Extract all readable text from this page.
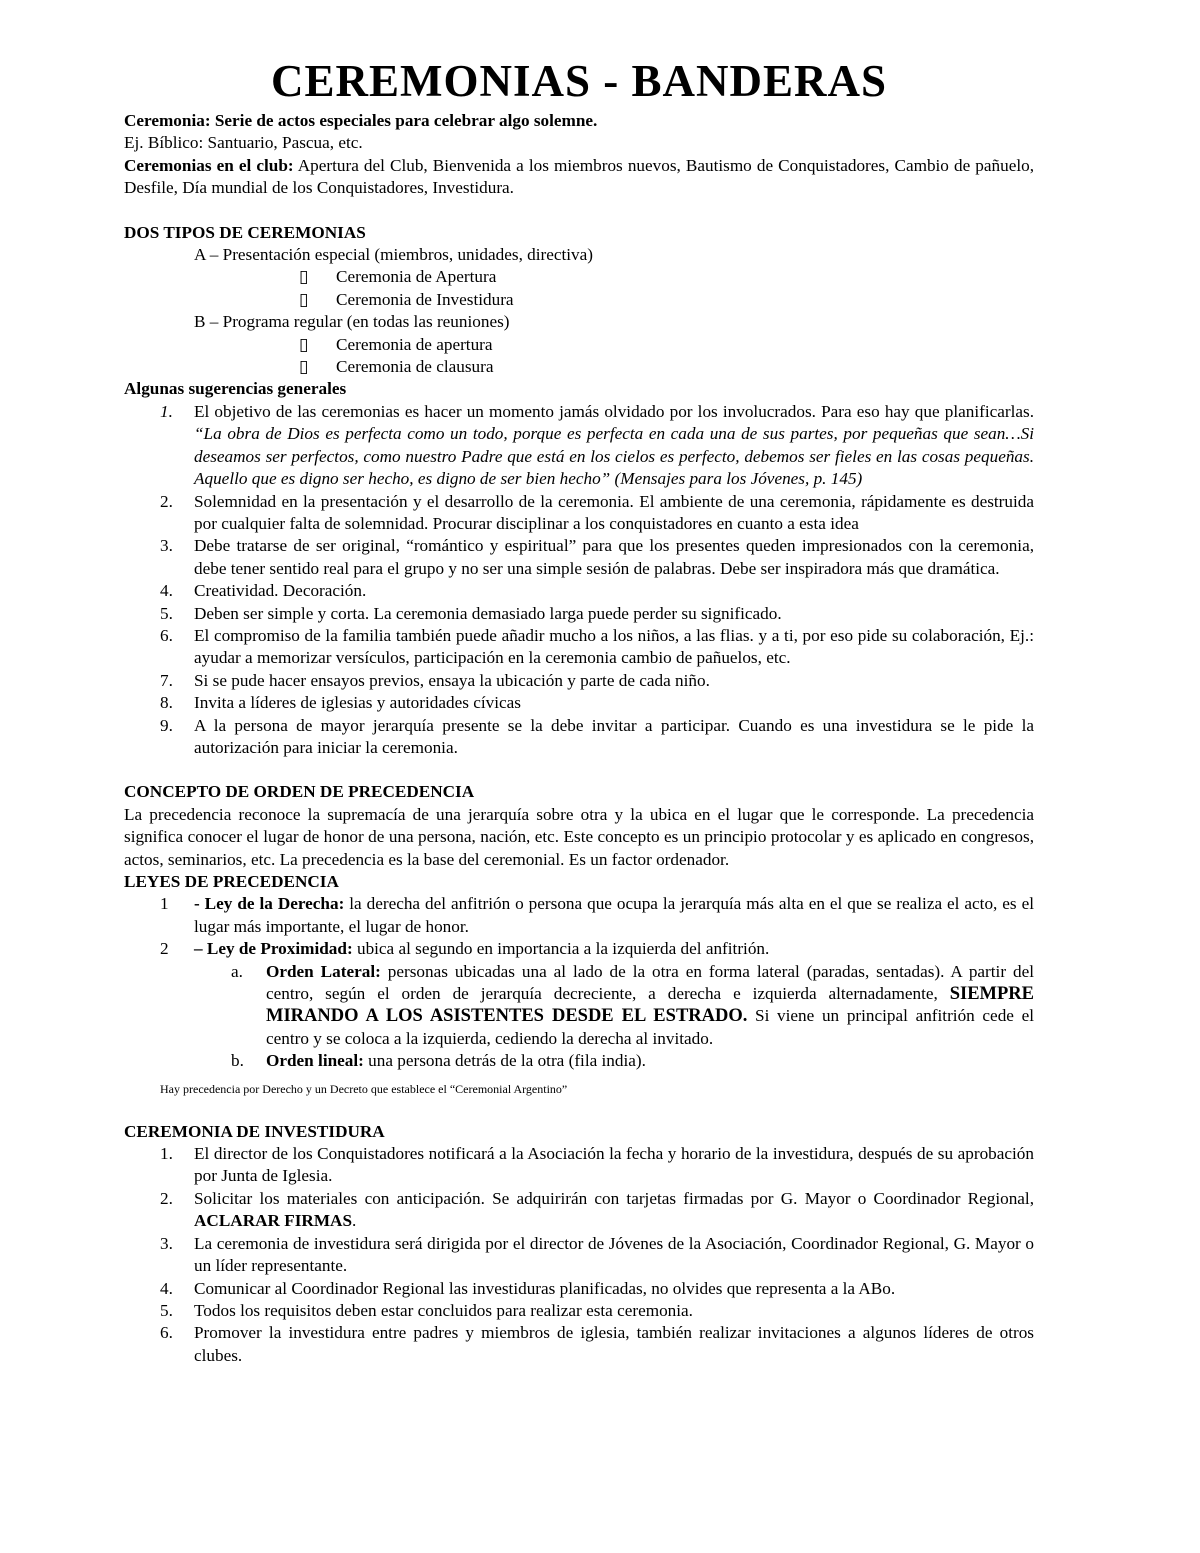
CEREMONIAS - BANDERAS

Ceremonia: Serie de actos especiales para celebrar algo solemne.

Ej. Bíblico: Santuario, Pascua, etc.

Ceremonias en el club: Apertura del Club, Bienvenida a los miembros nuevos, Bautismo de Conquistadores, Cambio de pañuelo, Desfile, Día mundial de los Conquistadores, Investidura.

DOS TIPOS DE CEREMONIAS

A – Presentación especial (miembros, unidades, directiva)

▯ Ceremonia de Apertura

▯ Ceremonia de Investidura

B – Programa regular (en todas las reuniones)

▯ Ceremonia de apertura

▯ Ceremonia de clausura

Algunas sugerencias generales

1. El objetivo de las ceremonias es hacer un momento jamás olvidado por los involucrados. Para eso hay que planificarlas. “La obra de Dios es perfecta como un todo, porque es perfecta en cada una de sus partes, por pequeñas que sean…Si deseamos ser perfectos, como nuestro Padre que está en los cielos es perfecto, debemos ser fieles en las cosas pequeñas. Aquello que es digno ser hecho, es digno de ser bien hecho” (Mensajes para los Jóvenes, p. 145)
2. Solemnidad en la presentación y el desarrollo de la ceremonia. El ambiente de una ceremonia, rápidamente es destruida por cualquier falta de solemnidad. Procurar disciplinar a los conquistadores en cuanto a esta idea
3. Debe tratarse de ser original, “romántico y espiritual” para que los presentes queden impresionados con la ceremonia, debe tener sentido real para el grupo y no ser una simple sesión de palabras. Debe ser inspiradora más que dramática.
4. Creatividad. Decoración.
5. Deben ser simple y corta. La ceremonia demasiado larga puede perder su significado.
6. El compromiso de la familia también puede añadir mucho a los niños, a las flias. y a ti, por eso pide su colaboración, Ej.: ayudar a memorizar versículos, participación en la ceremonia cambio de pañuelos, etc.
7. Si se pude hacer ensayos previos, ensaya la ubicación y parte de cada niño.
8. Invita a líderes de iglesias y autoridades cívicas
9. A la persona de mayor jerarquía presente se la debe invitar a participar. Cuando es una investidura se le pide la autorización para iniciar la ceremonia.

CONCEPTO DE ORDEN DE PRECEDENCIA

La precedencia reconoce la supremacía de una jerarquía sobre otra y la ubica en el lugar que le corresponde. La precedencia significa conocer el lugar de honor de una persona, nación, etc. Este concepto es un principio protocolar y es aplicado en congresos, actos, seminarios, etc. La precedencia es la base del ceremonial. Es un factor ordenador.

LEYES DE PRECEDENCIA

1 - Ley de la Derecha: la derecha del anfitrión o persona que ocupa la jerarquía más alta en el que se realiza el acto, es el lugar más importante, el lugar de honor.
2 – Ley de Proximidad: ubica al segundo en importancia a la izquierda del anfitrión.
a. Orden Lateral: personas ubicadas una al lado de la otra en forma lateral (paradas, sentadas). A partir del centro, según el orden de jerarquía decreciente, a derecha e izquierda alternadamente, SIEMPRE MIRANDO A LOS ASISTENTES DESDE EL ESTRADO. Si viene un principal anfitrión cede el centro y se coloca a la izquierda, cediendo la derecha al invitado.
b. Orden lineal: una persona detrás de la otra (fila india).

Hay precedencia por Derecho y un Decreto que establece el “Ceremonial Argentino”

CEREMONIA DE INVESTIDURA

1. El director de los Conquistadores notificará a la Asociación la fecha y horario de la investidura, después de su aprobación por Junta de Iglesia.
2. Solicitar los materiales con anticipación. Se adquirirán con tarjetas firmadas por G. Mayor o Coordinador Regional, ACLARAR FIRMAS.
3. La ceremonia de investidura será dirigida por el director de Jóvenes de la Asociación, Coordinador Regional, G. Mayor o un líder representante.
4. Comunicar al Coordinador Regional las investiduras planificadas, no olvides que representa a la ABo.
5. Todos los requisitos deben estar concluidos para realizar esta ceremonia.
6. Promover la investidura entre padres y miembros de iglesia, también realizar invitaciones a algunos líderes de otros clubes.
